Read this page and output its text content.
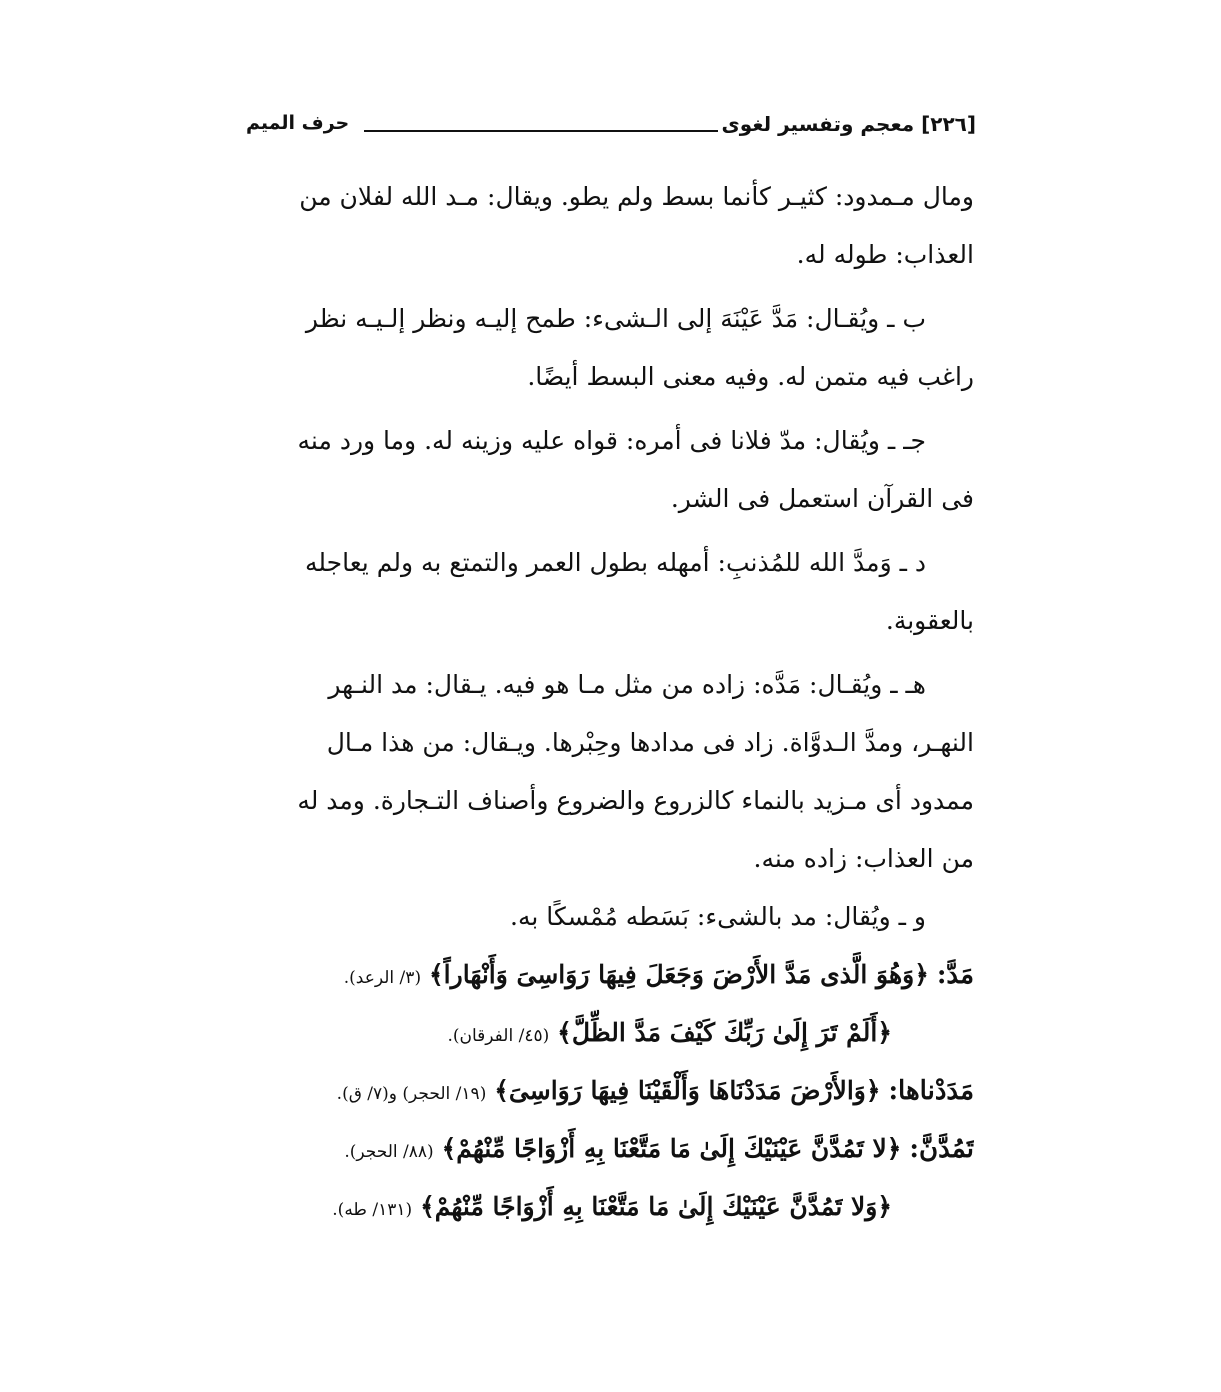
[٢٢٦] معجم وتفسير لغوى
حرف الميم
ومال مـمدود: كثيـر كأنما بسط ولم يطو. ويقال: مـد الله لفلان من
العذاب: طوله له.
ب ـ ويُقـال: مَدَّ عَيْنَهَ إلى الـشىء: طمح إليـه ونظر إلـيـه نظر
راغب فيه متمن له. وفيه معنى البسط أيضًا.
جـ ـ ويُقال: مدّ فلانا فى أمره: قواه عليه وزينه له. وما ورد منه
فى القرآن استعمل فى الشر.
د ـ وَمدَّ الله للمُذنبِ: أمهله بطول العمر والتمتع به ولم يعاجله
بالعقوبة.
هـ ـ ويُقـال: مَدَّه: زاده من مثل مـا هو فيه. يـقال: مد النـهر
النهـر، ومدَّ الـدوَّاة. زاد فى مدادها وحِبْرها. ويـقال: من هذا مـال
ممدود أى مـزيد بالنماء كالزروع والضروع وأصناف التـجارة. ومد له
من العذاب: زاده منه.
و ـ ويُقال: مد بالشىء: بَسَطه مُمْسكًا به.
مَدَّ: ﴿وَهُوَ الَّذى مَدَّ الأَرْضَ وَجَعَلَ فِيهَا رَوَاسِىَ وَأَنْهَاراً﴾ (٣/ الرعد).
﴿أَلَمْ تَرَ إِلَىٰ رَبِّكَ كَيْفَ مَدَّ الظِّلَّ﴾ (٤٥/ الفرقان).
مَدَدْناها: ﴿وَالأَرْضَ مَدَدْنَاهَا وَأَلْقَيْنَا فِيهَا رَوَاسِىَ﴾ (١٩/ الحجر) و(٧/ ق).
تَمُدَّنَّ: ﴿لا تَمُدَّنَّ عَيْنَيْكَ إِلَىٰ مَا مَتَّعْنَا بِهِ أَزْوَاجًا مِّنْهُمْ﴾ (٨٨/ الحجر).
﴿وَلا تَمُدَّنَّ عَيْنَيْكَ إِلَىٰ مَا مَتَّعْنَا بِهِ أَزْوَاجًا مِّنْهُمْ﴾ (١٣١/ طه).
